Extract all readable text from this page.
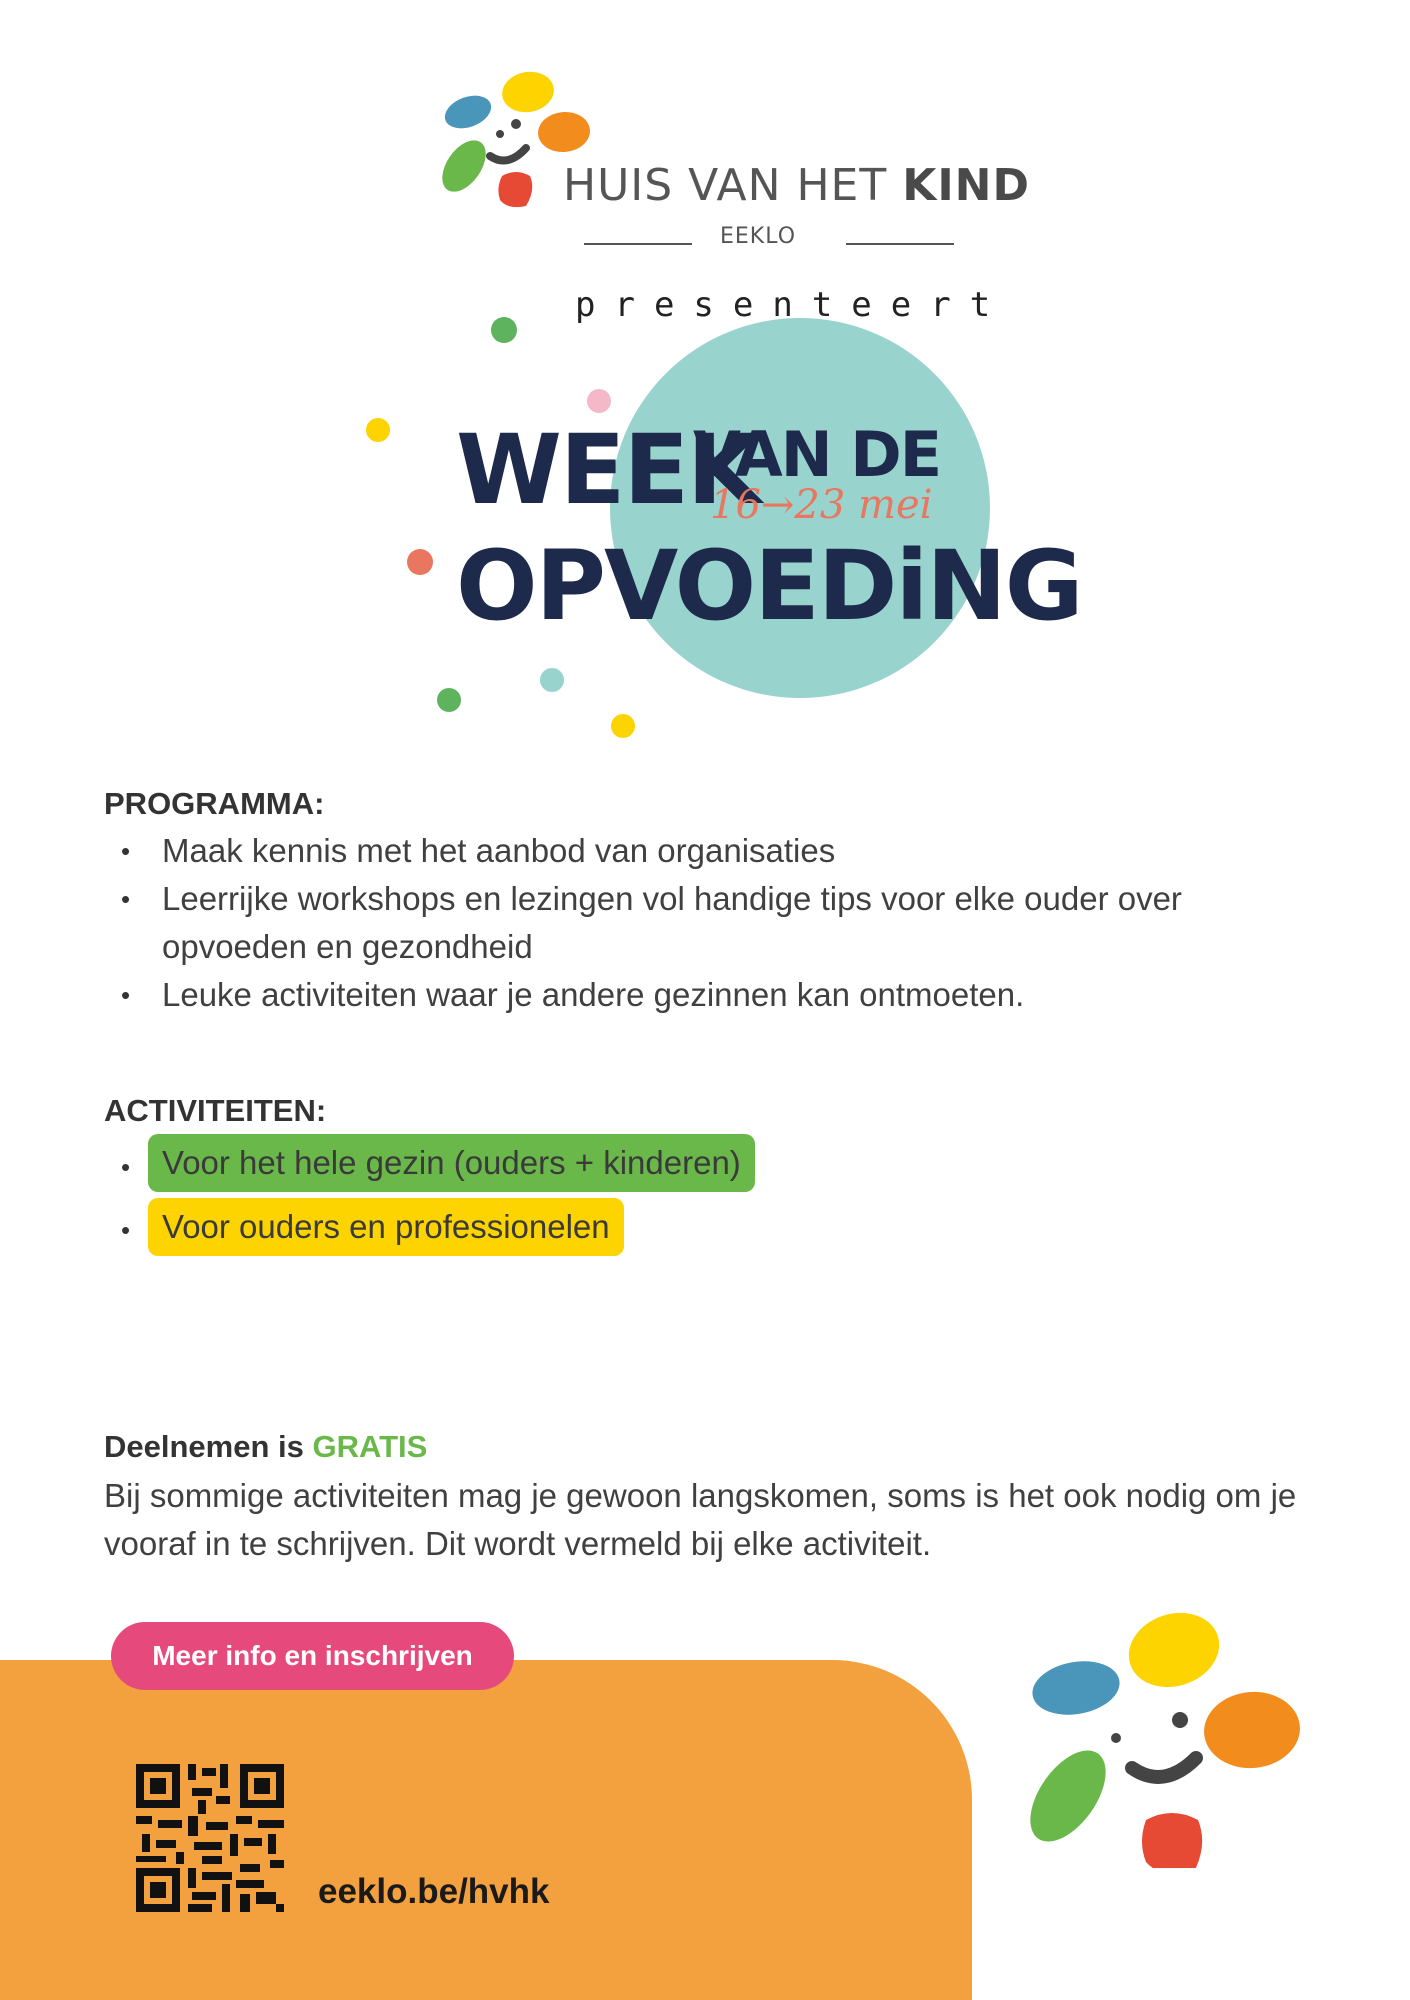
HUIS VAN HET KIND
EEKLO
presenteert
WEEK
VAN DE
16→23 mei
OPVOEDiNG
PROGRAMMA:
• Maak kennis met het aanbod van organisaties
• Leerrijke workshops en lezingen vol handige tips voor elke ouder over opvoeden en gezondheid
• Leuke activiteiten waar je andere gezinnen kan ontmoeten.
ACTIVITEITEN:
• Voor het hele gezin (ouders + kinderen)
• Voor ouders en professionelen
Deelnemen is GRATIS
Bij sommige activiteiten mag je gewoon langskomen, soms is het ook nodig om je vooraf in te schrijven. Dit wordt vermeld bij elke activiteit.
Meer info en inschrijven
eeklo.be/hvhk
